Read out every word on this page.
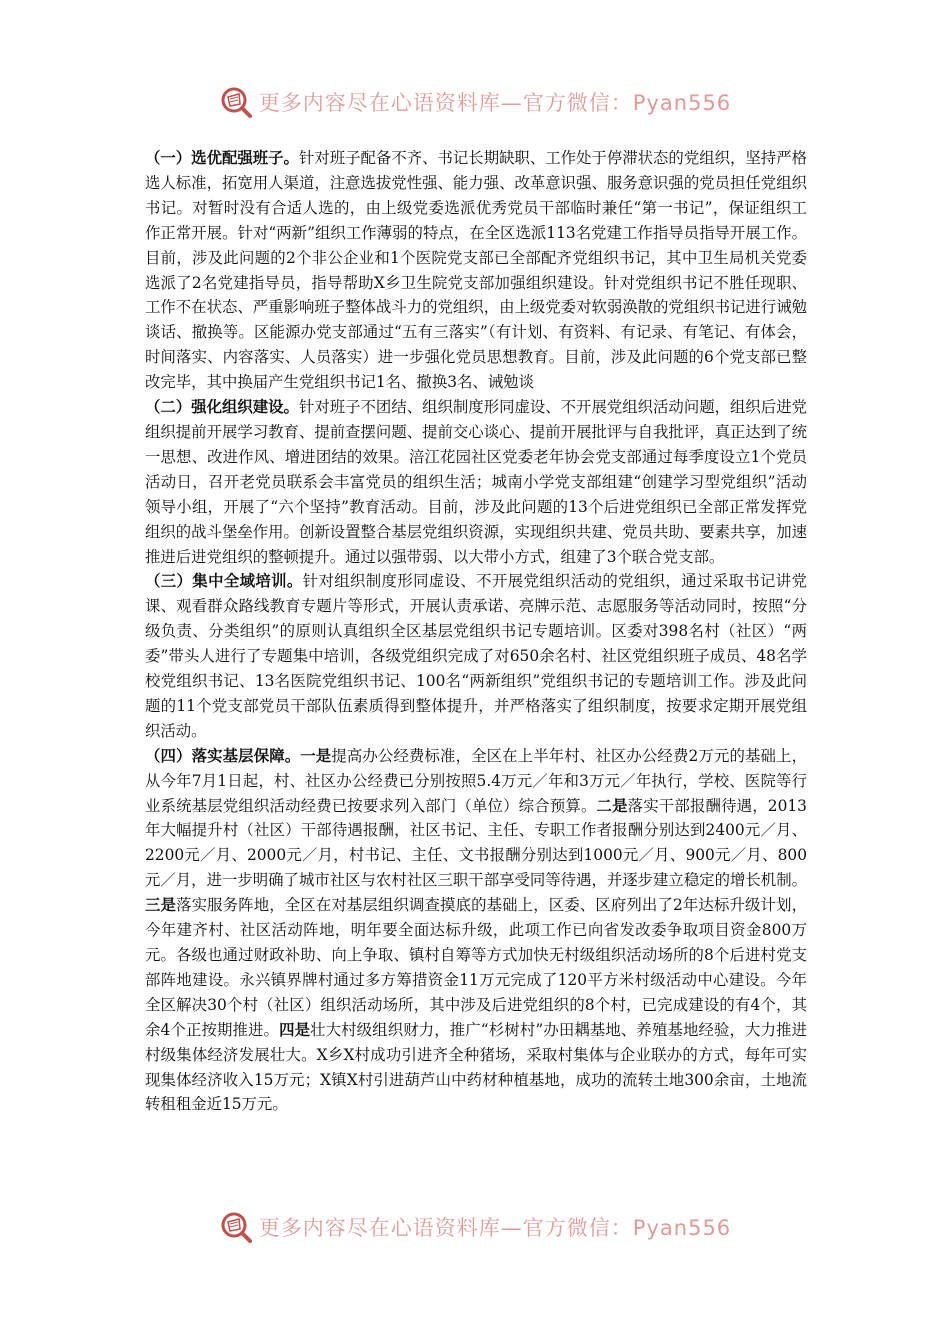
更多内容尽在心语资料库—官方微信：Pyan556

（一）选优配强班子。针对班子配备不齐、书记长期缺职、工作处于停滞状态的党组织，坚持严格选人标准，拓宽用人渠道，注意选拔党性强、能力强、改革意识强、服务意识强的党员担任党组织书记。对暂时没有合适人选的，由上级党委选派优秀党员干部临时兼任“第一书记”，保证组织工作正常开展。针对“两新”组织工作薄弱的特点，在全区选派113名党建工作指导员指导开展工作。目前，涉及此问题的2个非公企业和1个医院党支部已全部配齐党组织书记，其中卫生局机关党委选派了2名党建指导员，指导帮助X乡卫生院党支部加强组织建设。针对党组织书记不胜任现职、工作不在状态、严重影响班子整体战斗力的党组织，由上级党委对软弱涣散的党组织书记进行诫勉谈话、撤换等。区能源办党支部通过“五有三落实”（有计划、有资料、有记录、有笔记、有体会，时间落实、内容落实、人员落实）进一步强化党员思想教育。目前，涉及此问题的6个党支部已整改完毕，其中换届产生党组织书记1名、撤换3名、诫勉谈

（二）强化组织建设。针对班子不团结、组织制度形同虚设、不开展党组织活动问题，组织后进党组织提前开展学习教育、提前查摆问题、提前交心谈心、提前开展批评与自我批评，真正达到了统一思想、改进作风、增进团结的效果。涪江花园社区党委老年协会党支部通过每季度设立1个党员活动日，召开老党员联系会丰富党员的组织生活；城南小学党支部组建“创建学习型党组织”活动领导小组，开展了“六个坚持”教育活动。目前，涉及此问题的13个后进党组织已全部正常发挥党组织的战斗堡垒作用。创新设置整合基层党组织资源，实现组织共建、党员共助、要素共享，加速推进后进党组织的整顿提升。通过以强带弱、以大带小方式，组建了3个联合党支部。

（三）集中全域培训。针对组织制度形同虚设、不开展党组织活动的党组织，通过采取书记讲党课、观看群众路线教育专题片等形式，开展认责承诺、亮牌示范、志愿服务等活动同时，按照“分级负责、分类组织”的原则认真组织全区基层党组织书记专题培训。区委对398名村（社区）“两委”带头人进行了专题集中培训，各级党组织完成了对650余名村、社区党组织班子成员、48名学校党组织书记、13名医院党组织书记、100名“两新组织”党组织书记的专题培训工作。涉及此问题的11个党支部党员干部队伍素质得到整体提升，并严格落实了组织制度，按要求定期开展党组织活动。

（四）落实基层保障。一是提高办公经费标准，全区在上半年村、社区办公经费2万元的基础上，从今年7月1日起，村、社区办公经费已分别按照5.4万元／年和3万元／年执行，学校、医院等行业系统基层党组织活动经费已按要求列入部门（单位）综合预算。二是落实干部报酬待遇，2013年大幅提升村（社区）干部待遇报酬，社区书记、主任、专职工作者报酬分别达到2400元／月、2200元／月、2000元／月，村书记、主任、文书报酬分别达到1000元／月、900元／月、800元／月，进一步明确了城市社区与农村社区三职干部享受同等待遇，并逐步建立稳定的增长机制。三是落实服务阵地，全区在对基层组织调查摸底的基础上，区委、区府列出了2年达标升级计划，今年建齐村、社区活动阵地，明年要全面达标升级，此项工作已向省发改委争取项目资金800万元。各级也通过财政补助、向上争取、镇村自筹等方式加快无村级组织活动场所的8个后进村党支部阵地建设。永兴镇界牌村通过多方筹措资金11万元完成了120平方米村级活动中心建设。今年全区解决30个村（社区）组织活动场所，其中涉及后进党组织的8个村，已完成建设的有4个，其余4个正按期推进。四是壮大村级组织财力，推广“杉树村”办田耦基地、养殖基地经验，大力推进村级集体经济发展壮大。X乡X村成功引进齐全种猪场，采取村集体与企业联办的方式，每年可实现集体经济收入15万元；X镇X村引进葫芦山中药材种植基地，成功的流转土地300余亩，土地流转租租金近15万元。

更多内容尽在心语资料库—官方微信：Pyan556
